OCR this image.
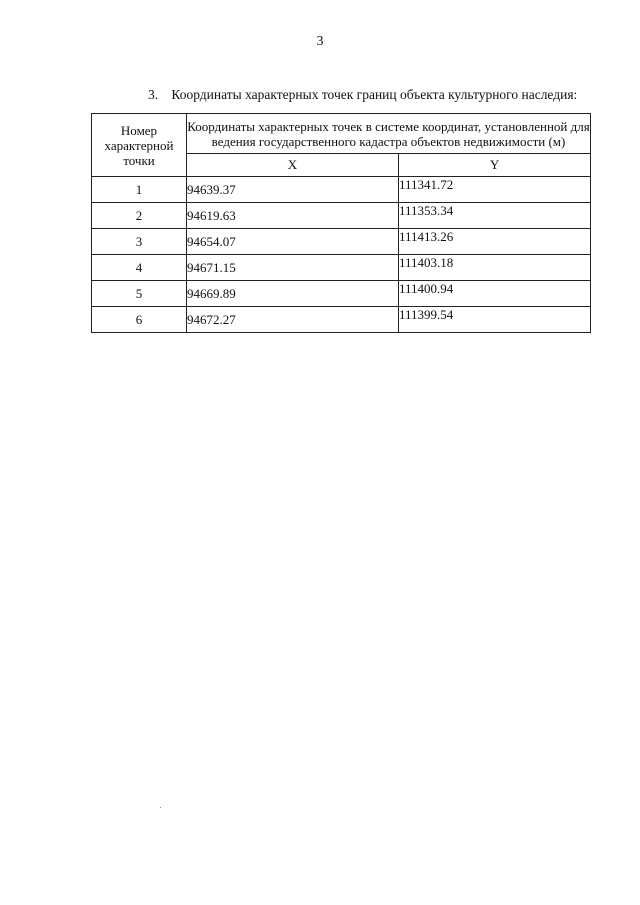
3
3. Координаты характерных точек границ объекта культурного наследия:
Номер характерной точки	Координаты характерных точек в системе координат, установленной для ведения государственного кадастра объектов недвижимости (м)	
	X	Y
1	94639.37	111341.72
2	94619.63	111353.34
3	94654.07	111413.26
4	94671.15	111403.18
5	94669.89	111400.94
6	94672.27	111399.54
